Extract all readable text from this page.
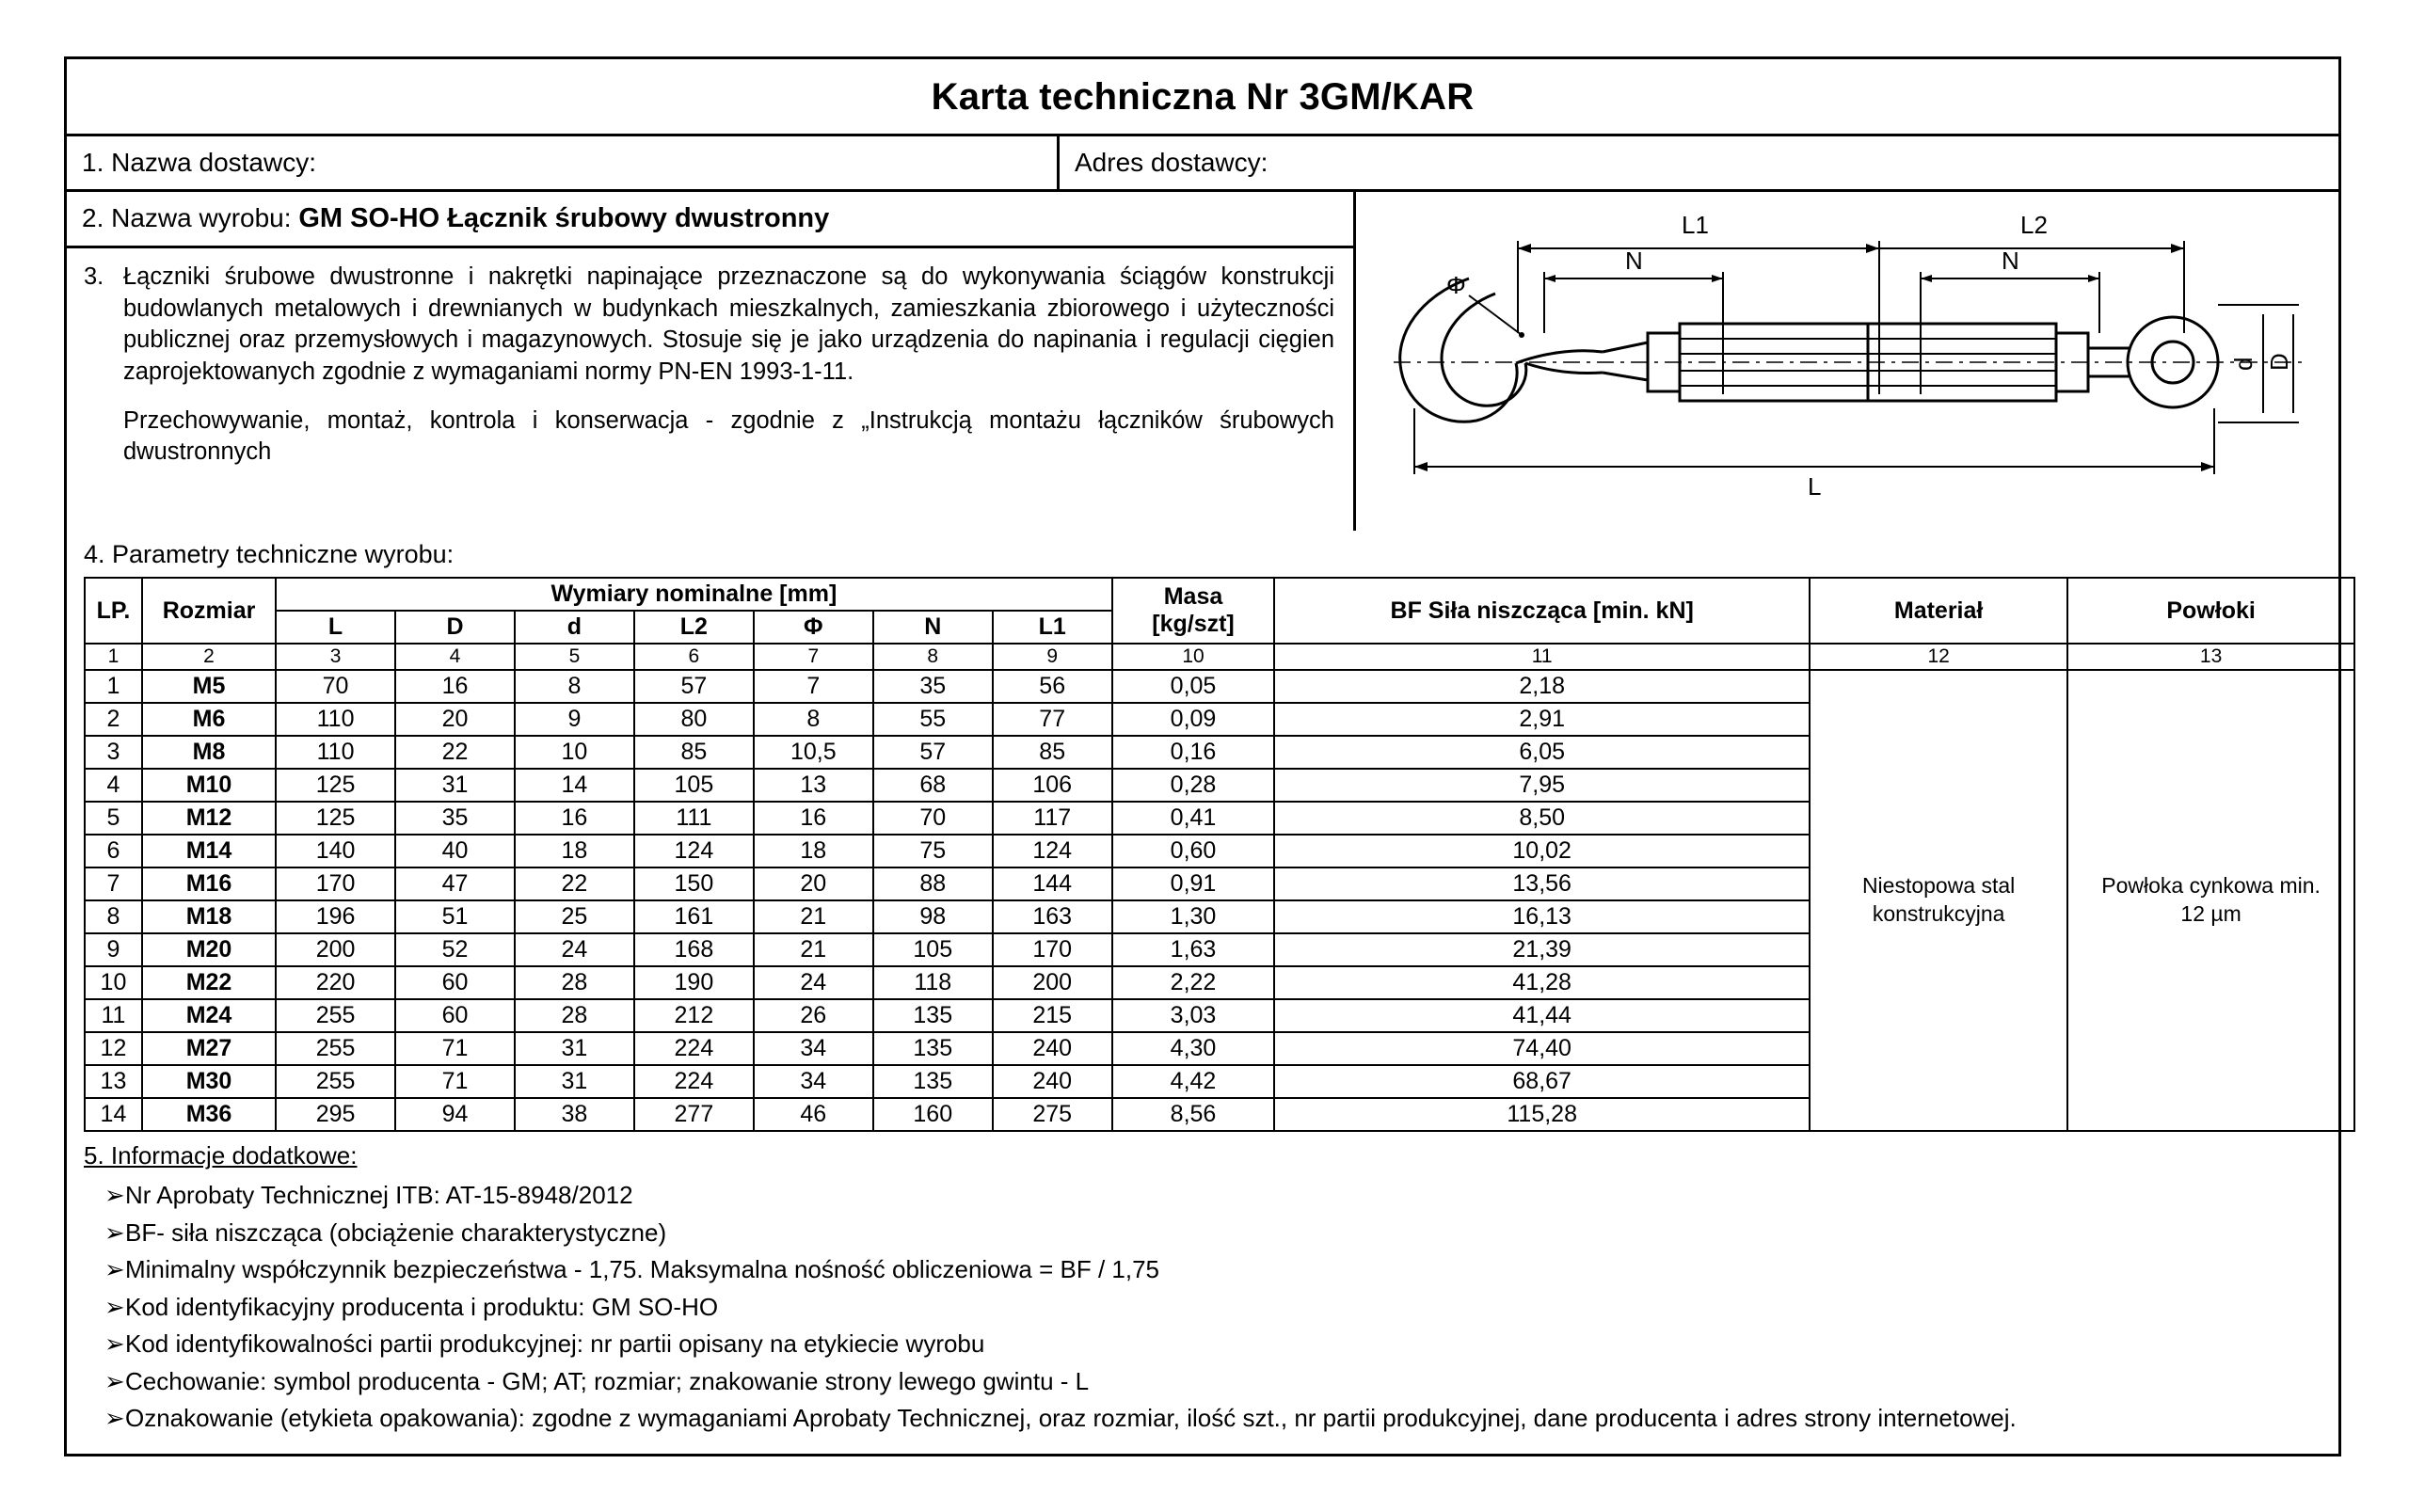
Karta techniczna Nr 3GM/KAR
1. Nazwa dostawcy:	Adres dostawcy:
2. Nazwa wyrobu: GM SO-HO Łącznik śrubowy dwustronny
3. Łączniki śrubowe dwustronne i nakrętki napinające przeznaczone są do wykonywania ściągów konstrukcji budowlanych metalowych i drewnianych w budynkach mieszkalnych, zamieszkania zbiorowego i użyteczności publicznej oraz przemysłowych i magazynowych. Stosuje się je jako urządzenia do napinania i regulacji cięgien zaprojektowanych zgodnie z wymaganiami normy PN-EN 1993-1-11.
Przechowywanie, montaż, kontrola i konserwacja - zgodnie z „Instrukcją montażu łączników śrubowych dwustronnych
L1	L2
N	N
L
Φ
d D
4. Parametry techniczne wyrobu:
LP.	Rozmiar	Wymiary nominalne [mm]							Masa
[kg/szt]	BF Siła niszcząca [min. kN]	Materiał	Powłoki
		L	D	d	L2	Φ	N	L1				
1	2	3	4	5	6	7	8	9	10	11	12	13
1	M5	70	16	8	57	7	35	56	0,05	2,18	
Niestopowa stal
konstrukcyjna

Powłoka cynkowa min.
12 µm

2	M6	110	20	9	80	8	55	77	0,09	2,91		
3	M8	110	22	10	85	10,5	57	85	0,16	6,05		
4	M10	125	31	14	105	13	68	106	0,28	7,95		
5	M12	125	35	16	111	16	70	117	0,41	8,50		
6	M14	140	40	18	124	18	75	124	0,60	10,02		
7	M16	170	47	22	150	20	88	144	0,91	13,56		
8	M18	196	51	25	161	21	98	163	1,30	16,13		
9	M20	200	52	24	168	21	105	170	1,63	21,39		
10	M22	220	60	28	190	24	118	200	2,22	41,28		
11	M24	255	60	28	212	26	135	215	3,03	41,44		
12	M27	255	71	31	224	34	135	240	4,30	74,40		
13	M30	255	71	31	224	34	135	240	4,42	68,67		
14	M36	295	94	38	277	46	160	275	8,56	115,28		
5. Informacje dodatkowe:
➢ Nr Aprobaty Technicznej ITB: AT-15-8948/2012
➢ BF- siła niszcząca (obciążenie charakterystyczne)
➢ Minimalny współczynnik bezpieczeństwa - 1,75. Maksymalna nośność obliczeniowa = BF / 1,75
➢ Kod identyfikacyjny producenta i produktu: GM SO-HO
➢ Kod identyfikowalności partii produkcyjnej: nr partii opisany na etykiecie wyrobu
➢ Cechowanie: symbol producenta - GM; AT; rozmiar; znakowanie strony lewego gwintu - L
➢ Oznakowanie (etykieta opakowania): zgodne z wymaganiami Aprobaty Technicznej, oraz rozmiar, ilość szt., nr partii produkcyjnej, dane producenta i adres strony internetowej.
